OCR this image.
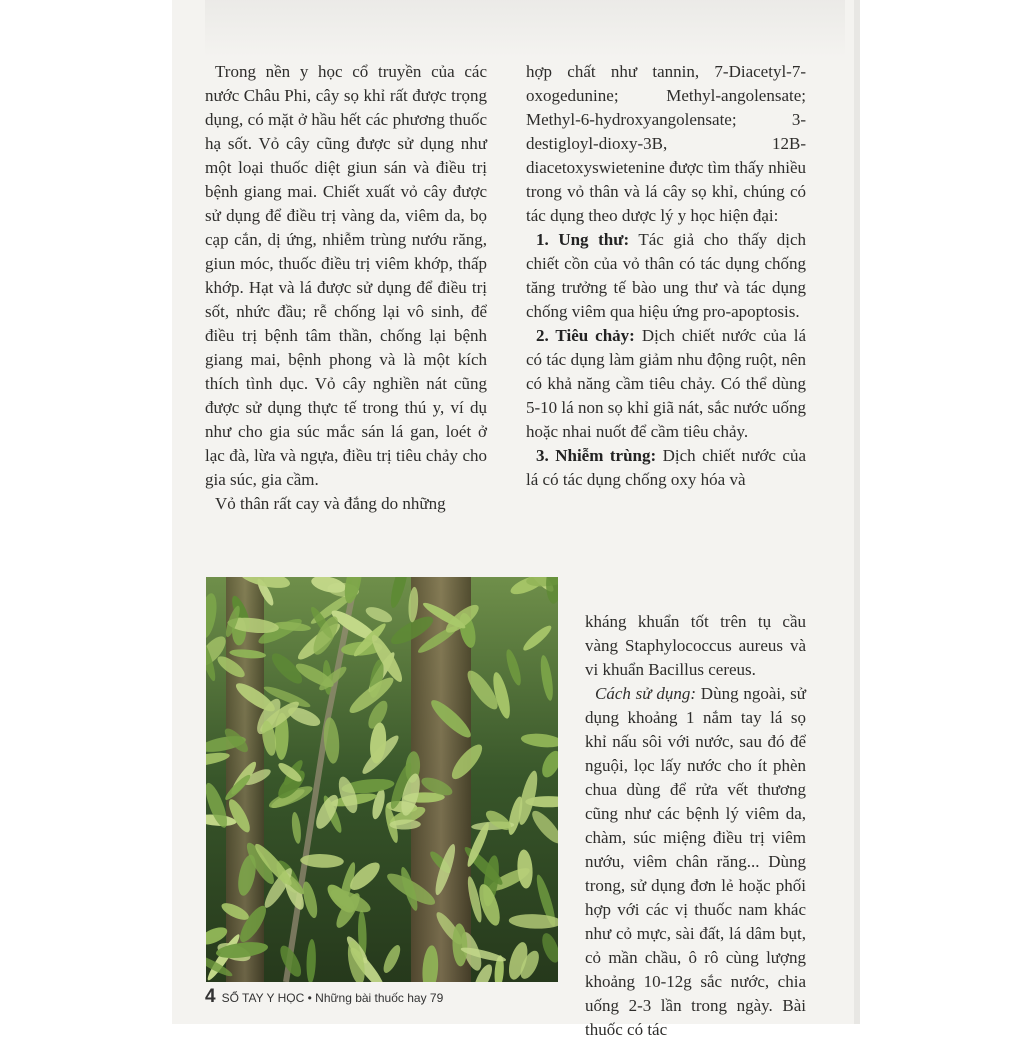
Trong nền y học cổ truyền của các nước Châu Phi, cây sọ khỉ rất được trọng dụng, có mặt ở hầu hết các phương thuốc hạ sốt. Vỏ cây cũng được sử dụng như một loại thuốc diệt giun sán và điều trị bệnh giang mai. Chiết xuất vỏ cây được sử dụng để điều trị vàng da, viêm da, bọ cạp cắn, dị ứng, nhiễm trùng nướu răng, giun móc, thuốc điều trị viêm khớp, thấp khớp. Hạt và lá được sử dụng để điều trị sốt, nhức đầu; rễ chống lại vô sinh, để điều trị bệnh tâm thần, chống lại bệnh giang mai, bệnh phong và là một kích thích tình dục. Vỏ cây nghiền nát cũng được sử dụng thực tế trong thú y, ví dụ như cho gia súc mắc sán lá gan, loét ở lạc đà, lừa và ngựa, điều trị tiêu chảy cho gia súc, gia cầm.

Vỏ thân rất cay và đắng do những

hợp chất như tannin, 7-Diacetyl-7-oxogedunine; Methyl-angolensate; Methyl-6-hydroxyangolensate; 3-destigloyl-dioxy-3B, 12B-diacetoxyswietenine được tìm thấy nhiều trong vỏ thân và lá cây sọ khỉ, chúng có tác dụng theo dược lý y học hiện đại:

1. Ung thư: Tác giả cho thấy dịch chiết cồn của vỏ thân có tác dụng chống tăng trưởng tế bào ung thư và tác dụng chống viêm qua hiệu ứng pro-apoptosis.

2. Tiêu chảy: Dịch chiết nước của lá có tác dụng làm giảm nhu động ruột, nên có khả năng cầm tiêu chảy. Có thể dùng 5-10 lá non sọ khỉ giã nát, sắc nước uống hoặc nhai nuốt để cầm tiêu chảy.

3. Nhiễm trùng: Dịch chiết nước của lá có tác dụng chống oxy hóa và

kháng khuẩn tốt trên tụ cầu vàng Staphylococcus aureus và vi khuẩn Bacillus cereus.

Cách sử dụng: Dùng ngoài, sử dụng khoảng 1 nắm tay lá sọ khỉ nấu sôi với nước, sau đó để nguội, lọc lấy nước cho ít phèn chua dùng để rửa vết thương cũng như các bệnh lý viêm da, chàm, súc miệng điều trị viêm nướu, viêm chân răng... Dùng trong, sử dụng đơn lẻ hoặc phối hợp với các vị thuốc nam khác như cỏ mực, sài đất, lá dâm bụt, cỏ mần chầu, ô rô cùng lượng khoảng 10-12g sắc nước, chia uống 2-3 lần trong ngày. Bài thuốc có tác

4 SỔ TAY Y HỌC • Những bài thuốc hay 79
